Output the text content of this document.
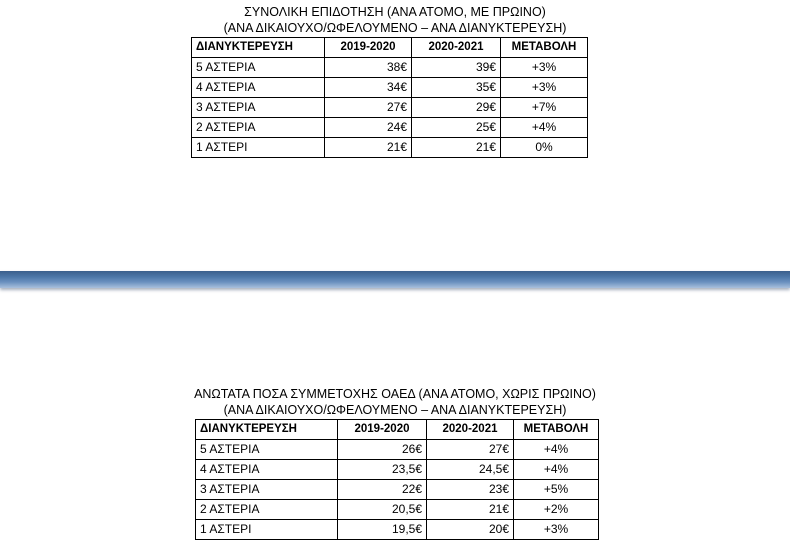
ΣΥΝΟΛΙΚΗ ΕΠΙΔΟΤΗΣΗ (ΑΝΑ ΑΤΟΜΟ, ΜΕ ΠΡΩΙΝΟ)

(ΑΝΑ ΔΙΚΑΙΟΥΧΟ/ΩΦΕΛΟΥΜΕΝΟ – ΑΝΑ ΔΙΑΝΥΚΤΕΡΕΥΣΗ)

ΔΙΑΝΥΚΤΕΡΕΥΣΗ	2019-2020	2020-2021	ΜΕΤΑΒΟΛΗ
5 ΑΣΤΕΡΙΑ	38€	39€	+3%
4 ΑΣΤΕΡΙΑ	34€	35€	+3%
3 ΑΣΤΕΡΙΑ	27€	29€	+7%
2 ΑΣΤΕΡΙΑ	24€	25€	+4%
1 ΑΣΤΕΡΙ	21€	21€	0%

ΑΝΩΤΑΤΑ ΠΟΣΑ ΣΥΜΜΕΤΟΧΗΣ ΟΑΕΔ (ΑΝΑ ΑΤΟΜΟ, ΧΩΡΙΣ ΠΡΩΙΝΟ)

(ΑΝΑ ΔΙΚΑΙΟΥΧΟ/ΩΦΕΛΟΥΜΕΝΟ – ΑΝΑ ΔΙΑΝΥΚΤΕΡΕΥΣΗ)

ΔΙΑΝΥΚΤΕΡΕΥΣΗ	2019-2020	2020-2021	ΜΕΤΑΒΟΛΗ
5 ΑΣΤΕΡΙΑ	26€	27€	+4%
4 ΑΣΤΕΡΙΑ	23,5€	24,5€	+4%
3 ΑΣΤΕΡΙΑ	22€	23€	+5%
2 ΑΣΤΕΡΙΑ	20,5€	21€	+2%
1 ΑΣΤΕΡΙ	19,5€	20€	+3%
